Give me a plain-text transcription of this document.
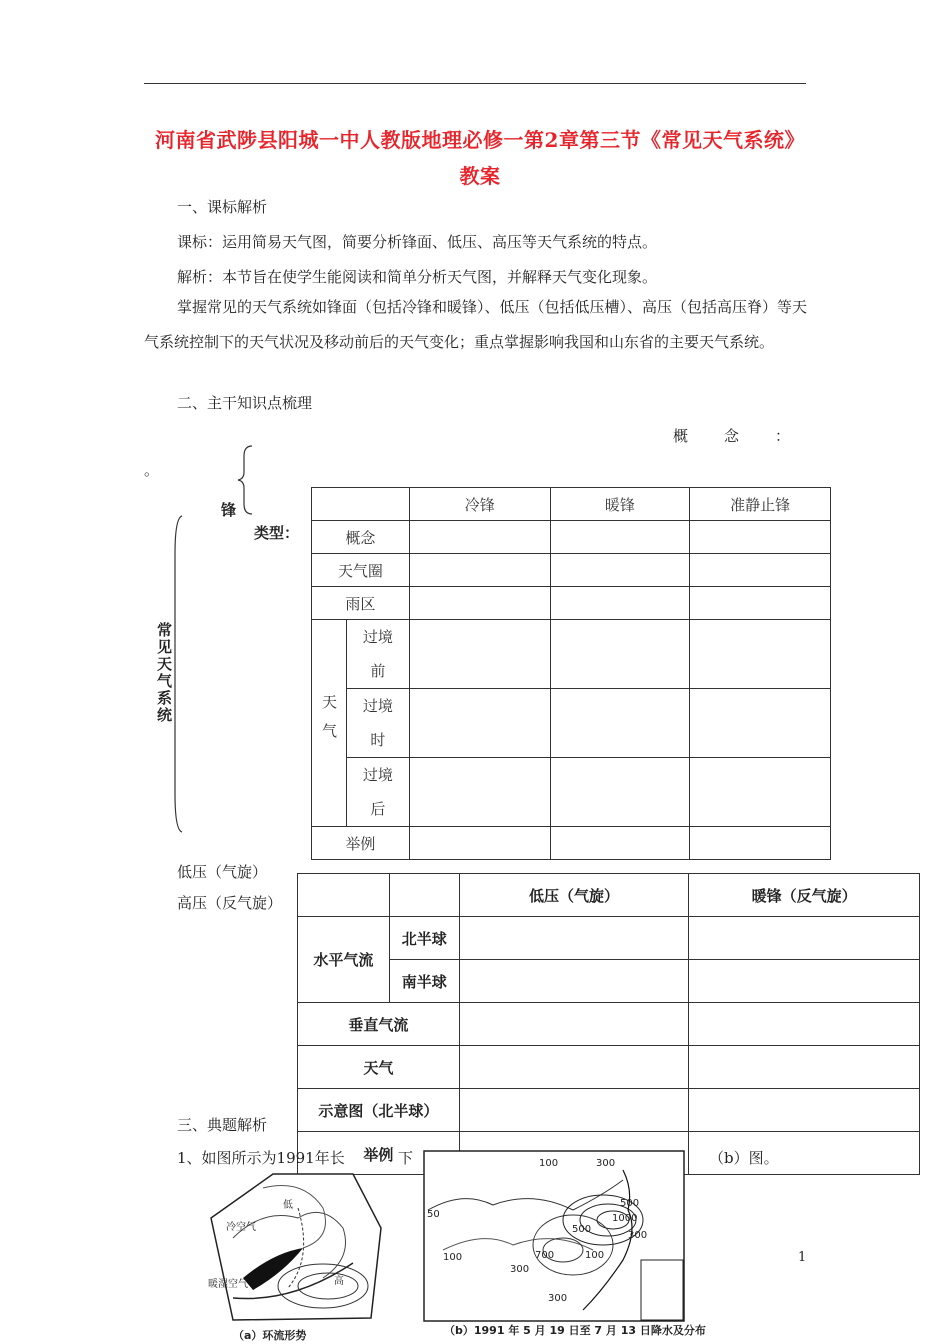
河南省武陟县阳城一中人教版地理必修一第2章第三节《常见天气系统》教案
一、课标解析
课标：运用简易天气图，简要分析锋面、低压、高压等天气系统的特点。
解析：本节旨在使学生能阅读和简单分析天气图，并解释天气变化现象。
掌握常见的天气系统如锋面（包括冷锋和暖锋）、低压（包括低压槽）、高压（包括高压脊）等天气系统控制下的天气状况及移动前后的天气变化；重点掌握影响我国和山东省的主要天气系统。
二、主干知识点梳理
概　　念　　：
。
锋
类型：
常见天气系统
		冷锋	暖锋	准静止锋
概念				
天气圈				
雨区				

天气	过境前			

	过境时			

	过境后			

举例				
低压（气旋）
高压（反气旋）
			低压（气旋）	暖锋（反气旋）
水平气流	北半球		
	南半球		
垂直气流			
天气			
示意图（北半球）			

举例			

三、典题解析
1、如图所示为1991年长	下	（b）图。
冷空气
暖湿空气
低
高
（a）环流形势
100	300
50
100
500
300
100
700
300
1000
500
300
（b）1991 年 5 月 19 日至 7 月 13 日降水及分布
1
